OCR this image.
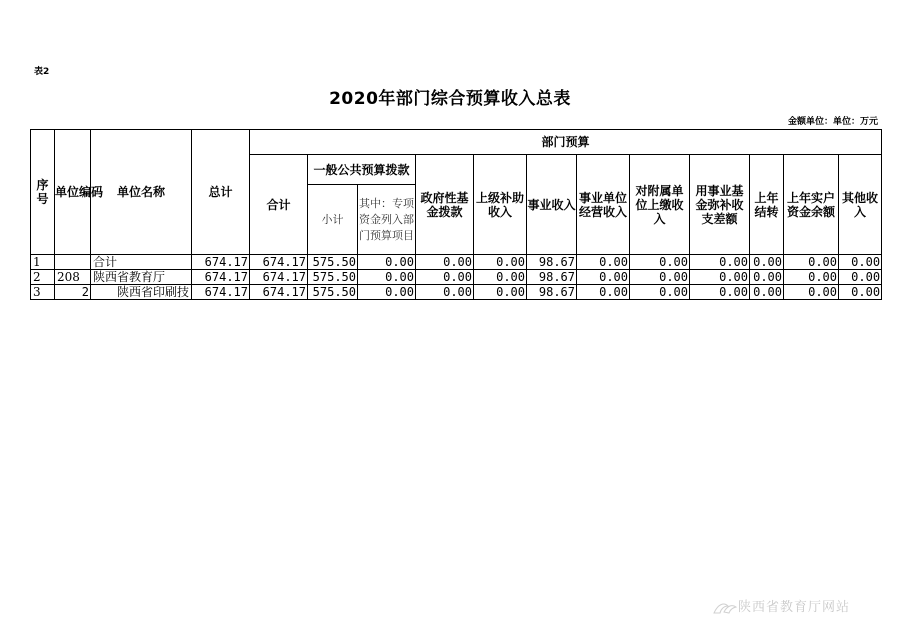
表2
2020年部门综合预算收入总表
金额单位：单位：万元
序号	单位编码	单位名称	总计	部门预算											
				合计	一般公共预算拨款		政府性基金拨款	上级补助收入	事业收入	事业单位经营收入	对附属单位上缴收入	用事业基金弥补收支差额	上年结转	上年实户资金余额	其他收入
					小计	其中：专项资金列入部门预算项目									
1		合计	674.17	674.17	575.50	0.00	0.00	0.00	98.67	0.00	0.00	0.00	0.00	0.00	0.00
2	208	陕西省教育厅	674.17	674.17	575.50	0.00	0.00	0.00	98.67	0.00	0.00	0.00	0.00	0.00	0.00
3	2	陕西省印刷技	674.17	674.17	575.50	0.00	0.00	0.00	98.67	0.00	0.00	0.00	0.00	0.00	0.00
陕西省教育厅网站
